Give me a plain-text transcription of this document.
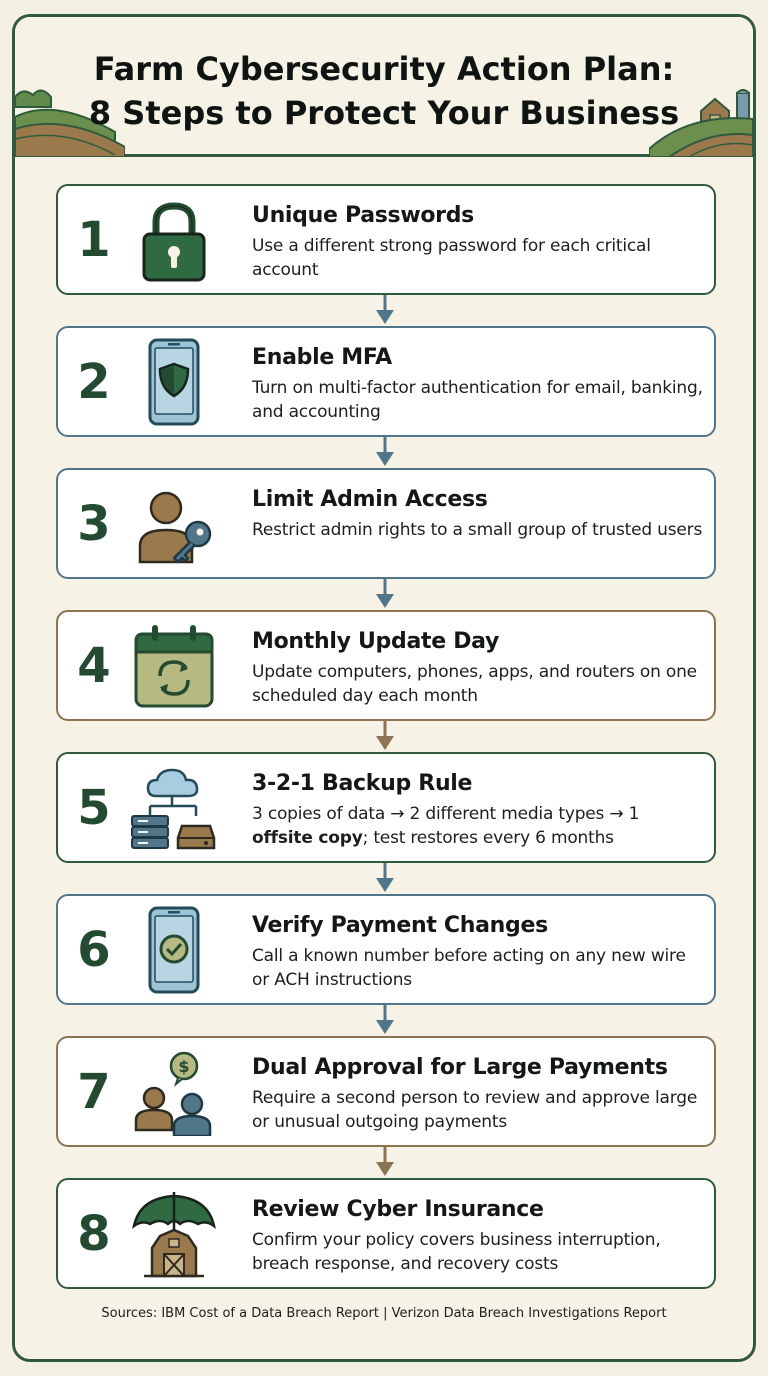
Farm Cybersecurity Action Plan:
8 Steps to Protect Your Business
1	Unique Passwords
Use a different strong password for each critical account
2	Enable MFA
Turn on multi-factor authentication for email, banking, and accounting
3	Limit Admin Access
Restrict admin rights to a small group of trusted users
4	Monthly Update Day
Update computers, phones, apps, and routers on one scheduled day each month
5	3-2-1 Backup Rule
3 copies of data → 2 different media types → 1
offsite copy; test restores every 6 months
6	Verify Payment Changes
Call a known number before acting on any new wire or ACH instructions
7	$	Dual Approval for Large Payments
Require a second person to review and approve large or unusual outgoing payments
8	Review Cyber Insurance
Confirm your policy covers business interruption, breach response, and recovery costs
Sources: IBM Cost of a Data Breach Report | Verizon Data Breach Investigations Report
